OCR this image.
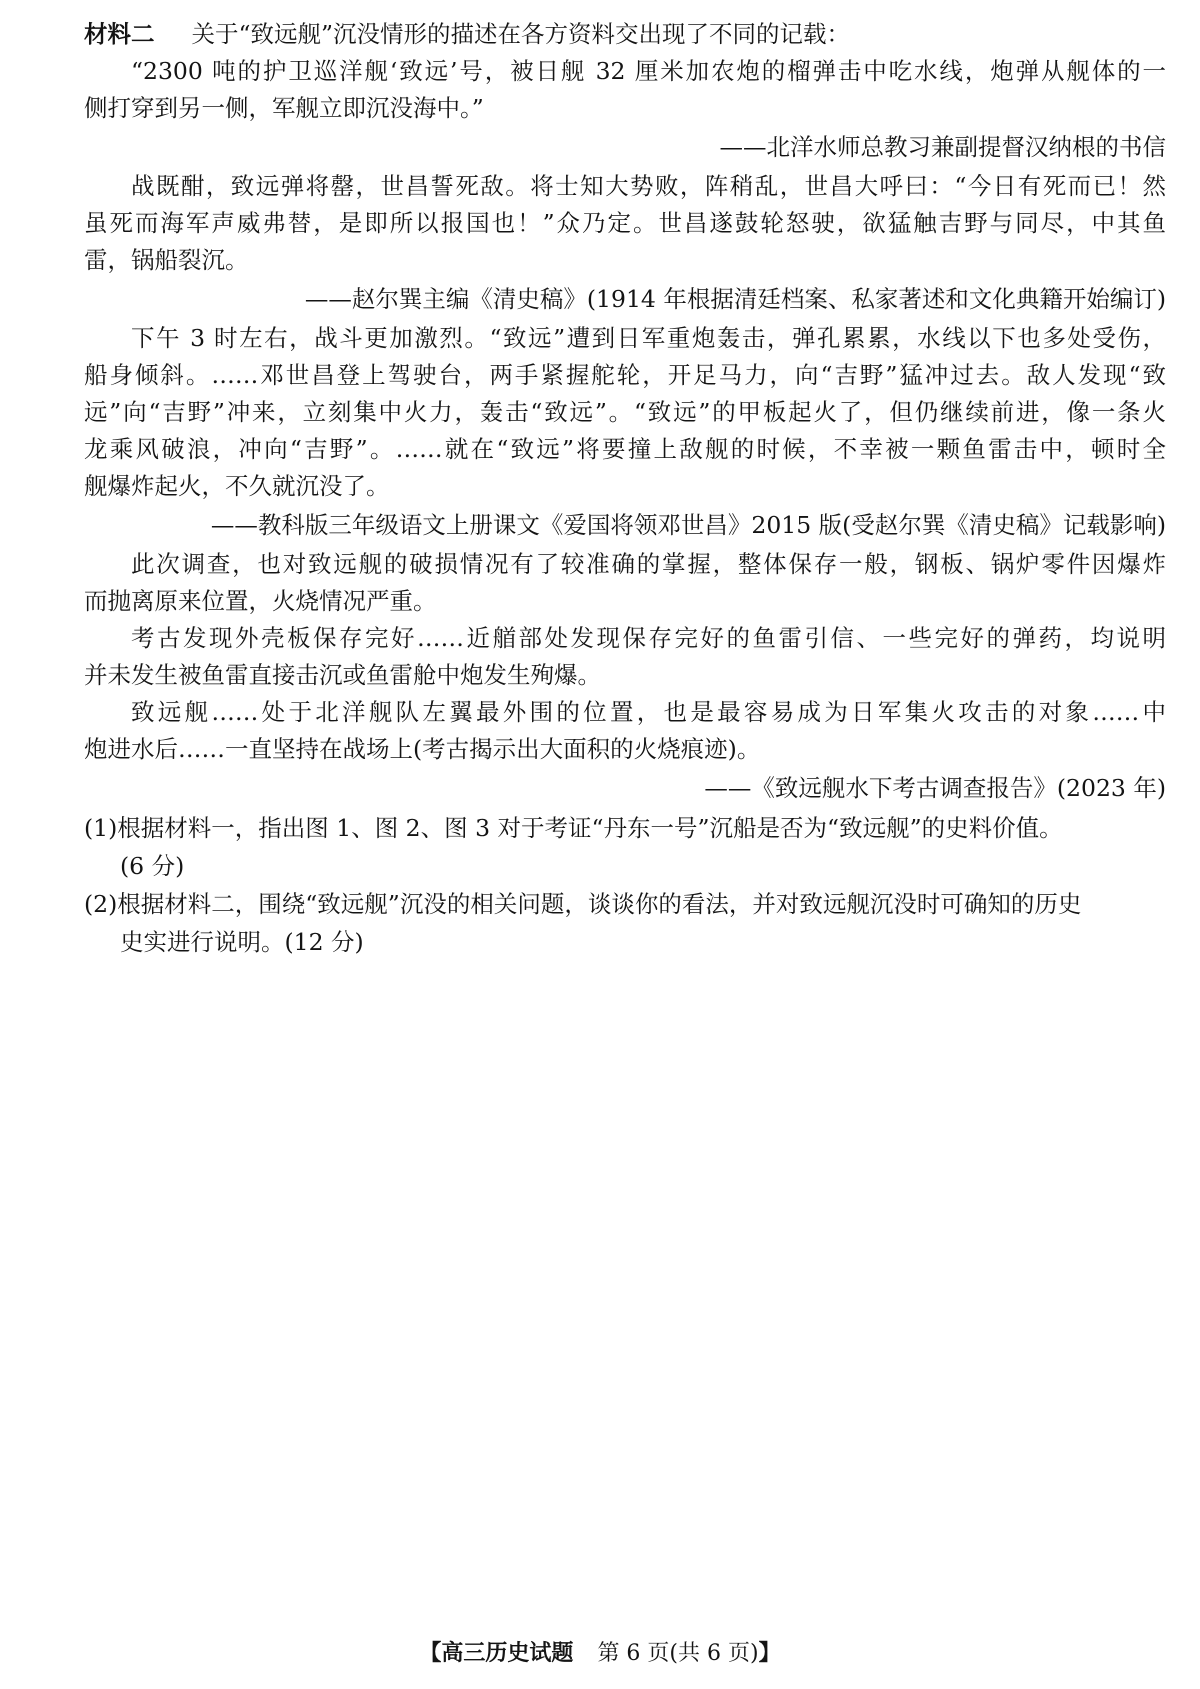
材料二 关于“致远舰”沉没情形的描述在各方资料交出现了不同的记载：
“2300 吨的护卫巡洋舰‘致远’号，被日舰 32 厘米加农炮的榴弹击中吃水线，炮弹从舰体的一
侧打穿到另一侧，军舰立即沉没海中。”
——北洋水师总教习兼副提督汉纳根的书信
战既酣，致远弹将罄，世昌誓死敌。将士知大势败，阵稍乱，世昌大呼曰：“今日有死而已！然
虽死而海军声威弗替，是即所以报国也！”众乃定。世昌遂鼓轮怒驶，欲猛触吉野与同尽，中其鱼
雷，锅船裂沉。
——赵尔巽主编《清史稿》(1914 年根据清廷档案、私家著述和文化典籍开始编订)
下午 3 时左右，战斗更加激烈。“致远”遭到日军重炮轰击，弹孔累累，水线以下也多处受伤，
船身倾斜。……邓世昌登上驾驶台，两手紧握舵轮，开足马力，向“吉野”猛冲过去。敌人发现“致
远”向“吉野”冲来，立刻集中火力，轰击“致远”。“致远”的甲板起火了，但仍继续前进，像一条火
龙乘风破浪，冲向“吉野”。……就在“致远”将要撞上敌舰的时候，不幸被一颗鱼雷击中，顿时全
舰爆炸起火，不久就沉没了。
——教科版三年级语文上册课文《爱国将领邓世昌》2015 版(受赵尔巽《清史稿》记载影响)
此次调查，也对致远舰的破损情况有了较准确的掌握，整体保存一般，钢板、锅炉零件因爆炸
而抛离原来位置，火烧情况严重。
考古发现外壳板保存完好……近艏部处发现保存完好的鱼雷引信、一些完好的弹药，均说明
并未发生被鱼雷直接击沉或鱼雷舱中炮发生殉爆。
致远舰……处于北洋舰队左翼最外围的位置，也是最容易成为日军集火攻击的对象……中
炮进水后……一直坚持在战场上(考古揭示出大面积的火烧痕迹)。
——《致远舰水下考古调查报告》(2023 年)
(1)根据材料一，指出图 1、图 2、图 3 对于考证“丹东一号”沉船是否为“致远舰”的史料价值。
(6 分)
(2)根据材料二，围绕“致远舰”沉没的相关问题，谈谈你的看法，并对致远舰沉没时可确知的历史
史实进行说明。(12 分)
【高三历史试题 第 6 页(共 6 页)】
